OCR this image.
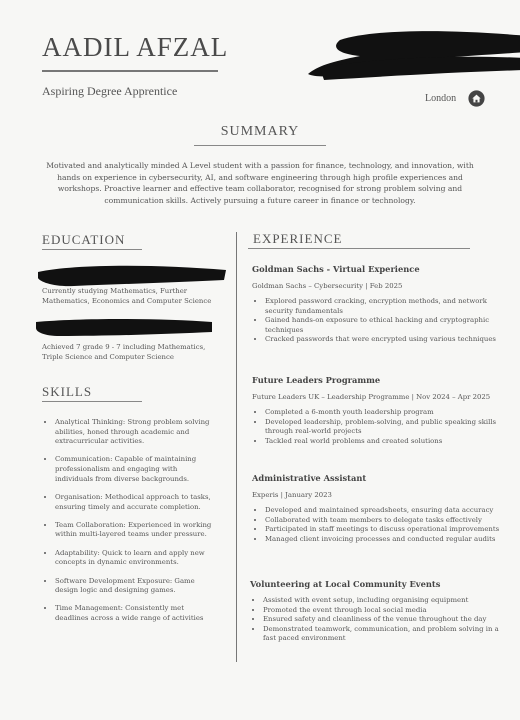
AADIL AFZAL
Aspiring Degree Apprentice
London
SUMMARY

Motivated and analytically minded A Level student with a passion for finance, technology, and innovation, with hands on experience in cybersecurity, AI, and software engineering through high profile experiences and workshops. Proactive learner and effective team collaborator, recognised for strong problem solving and communication skills. Actively pursuing a future career in finance or technology.

EDUCATION
Currently studying Mathematics, Further Mathematics, Economics and Computer Science
Achieved 7 grade 9 - 7 including Mathematics, Triple Science and Computer Science
SKILLS
• Analytical Thinking: Strong problem solving abilities, honed through academic and extracurricular activities.
• Communication: Capable of maintaining professionalism and engaging with individuals from diverse backgrounds.
• Organisation: Methodical approach to tasks, ensuring timely and accurate completion.
• Team Collaboration: Experienced in working within multi-layered teams under pressure.
• Adaptability: Quick to learn and apply new concepts in dynamic environments.
• Software Development Exposure: Game design logic and designing games.
• Time Management: Consistently met deadlines across a wide range of activities
EXPERIENCE
Goldman Sachs - Virtual Experience
Goldman Sachs – Cybersecurity | Feb 2025
• Explored password cracking, encryption methods, and network security fundamentals
• Gained hands-on exposure to ethical hacking and cryptographic techniques
• Cracked passwords that were encrypted using various techniques
Future Leaders Programme
Future Leaders UK – Leadership Programme | Nov 2024 – Apr 2025
• Completed a 6-month youth leadership program
• Developed leadership, problem-solving, and public speaking skills through real-world projects
• Tackled real world problems and created solutions
Administrative Assistant
Experis | January 2023
• Developed and maintained spreadsheets, ensuring data accuracy
• Collaborated with team members to delegate tasks effectively
• Participated in staff meetings to discuss operational improvements
• Managed client invoicing processes and conducted regular audits
Volunteering at Local Community Events
• Assisted with event setup, including organising equipment
• Promoted the event through local social media
• Ensured safety and cleanliness of the venue throughout the day
• Demonstrated teamwork, communication, and problem solving in a fast paced environment
